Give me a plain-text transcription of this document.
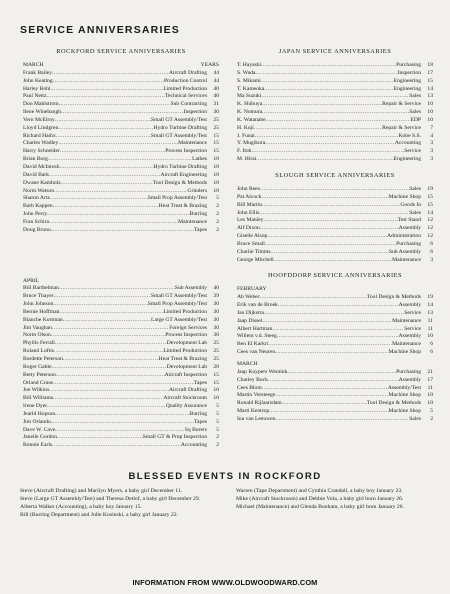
SERVICE ANNIVERSARIES
ROCKFORD SERVICE ANNIVERSARIES
MARCH	YEARS
Frank Bailey .....	Aircraft Drafting	44
John Keating .....	Production Control	44
Harley Bohl .....	Limited Production	40
Paul Nettz .....	Technical Services	40
Don Mahlstrom .....	Sub Contracting	31
Ilene Winebaugh .....	Inspection	30
Vern McElroy .....	Small GT Assembly/Test	25
Lloyd Lindgren .....	Hydro Turbine Drafting	25
Richard Hadix .....	Small GT Assembly/Test	15
Charles Wadley .....	Maintenance	15
Harry Schneider .....	Process Inspection	15
Brian Borg .....	Lathes	10
David McIntosh .....	Hydro Turbine Drafting	10
David Bark .....	Aircraft Engineering	10
Dwane Kamholz .....	Tool Design & Methods	10
Norm Watson .....	Grinders	10
Sharon Artz .....	Small Prop Assembly/Test	5
Barb Kappen .....	Heat Treat & Brazing	2
John Perry .....	Burring	2
Fran Schiro .....	Maintenance	2
Doug Bruno .....	Tapes	2
APRIL
Bill Barthelman .....	Sub Assembly	40
Bruce Thayer .....	Small GT Assembly/Test	39
John Johnson .....	Small Prop Assembly/Test	30
Bernie Hoffman .....	Limited Production	30
Blanche Kortman .....	Large GT Assembly/Test	30
Jim Vaughan .....	Foreign Services	30
Norm Olson .....	Process Inspection	30
Phyllis Ferrall .....	Development Lab	25
Roland Loftis .....	Limited Production	25
Burdette Peterson .....	Heat Treat & Brazing	25
Roger Gable .....	Development Lab	20
Betty Peterson .....	Aircraft Inspection	15
Orland Cruse .....	Tapes	15
Joe Wilkins .....	Aircraft Drafting	10
Bill Williams .....	Aircraft Stockroom	10
Irene Dyer .....	Quality Assurance	5
Jearld Hopson .....	Burring	5
Jim Orlando .....	Tapes	5
Dave W. Cave .....	Sq Borers	5
Janelle Gordon .....	Small GT & Prop Inspection	2
Bonnie Earls .....	Accounting	2
JAPAN SERVICE ANNIVERSARIES
T. Hayashi .....	Purchasing	18
S. Wada .....	Inspection	17
S. Mikami .....	Engineering	15
T. Kameoka .....	Engineering	14
Ma Suzuki .....	Sales	13
K. Shibuya .....	Repair & Service	10
K. Nomura .....	Sales	10
K. Watanabe .....	EDP	10
H. Kuji .....	Repair & Service	7
J. Funai .....	Kobe S.S.	4
Y. Mugikura .....	Accounting	3
F. Itoh .....	Service	3
M. Hirai .....	Engineering	3
SLOUGH SERVICE ANNIVERSARIES
John Rees .....	Sales	19
Pat Alcock .....	Machine Shop	15
Bill Martin .....	Goods In	15
John Ellis .....	Sales	14
Les Manley .....	Test Stand	12
Alf Dixon .....	Assembly	12
Giselle Alsop .....	Administration	12
Bruce Small .....	Purchasing	6
Charlie Timms .....	Sub Assembly	6
George Mitchell .....	Maintenance	3
HOOFDDORP SERVICE ANNIVERSARIES
FEBRUARY
Ab Weber .....	Tool Design & Methods	19
Erik van de Broek .....	Assembly	14
Jan Dijkstra .....	Service	13
Jaap Dissel .....	Maintenance	11
Albert Hartman .....	Service	11
Willem v.d. Steeg .....	Assembly	10
Ben El Karkri .....	Maintenance	6
Cees van Neuren .....	Machine Shop	6
MARCH
Jaap Kuypers Wentink .....	Purchasing	21
Charley Bock .....	Assembly	17
Cees Blom .....	Assembly/Test	11
Martin Versteege .....	Machine Shop	10
Ronald Rijlaarsdam .....	Tool Design & Methods	10
Marti Kentrop .....	Machine Shop	5
Ina van Leeuwen .....	Sales	2
BLESSED EVENTS IN ROCKFORD

Steve (Aircraft Drafting) and Marilyn Myers, a baby girl December 11.

Steve (Large GT Assembly/Test) and Theresa Detlof, a baby girl December 29.

Alberta Walker (Accounting), a baby boy January 15.

Bill (Burring Department) and Julie Kosinski, a baby girl January 22.

Warren (Tape Department) and Cynthia Crandall, a baby boy January 23.

Mike (Aircraft Stockroom) and Debbie Vola, a baby girl born January 26.

Michael (Maintenance) and Glenda Bonham, a baby girl born January 26.

INFORMATION FROM WWW.OLDWOODWARD.COM
